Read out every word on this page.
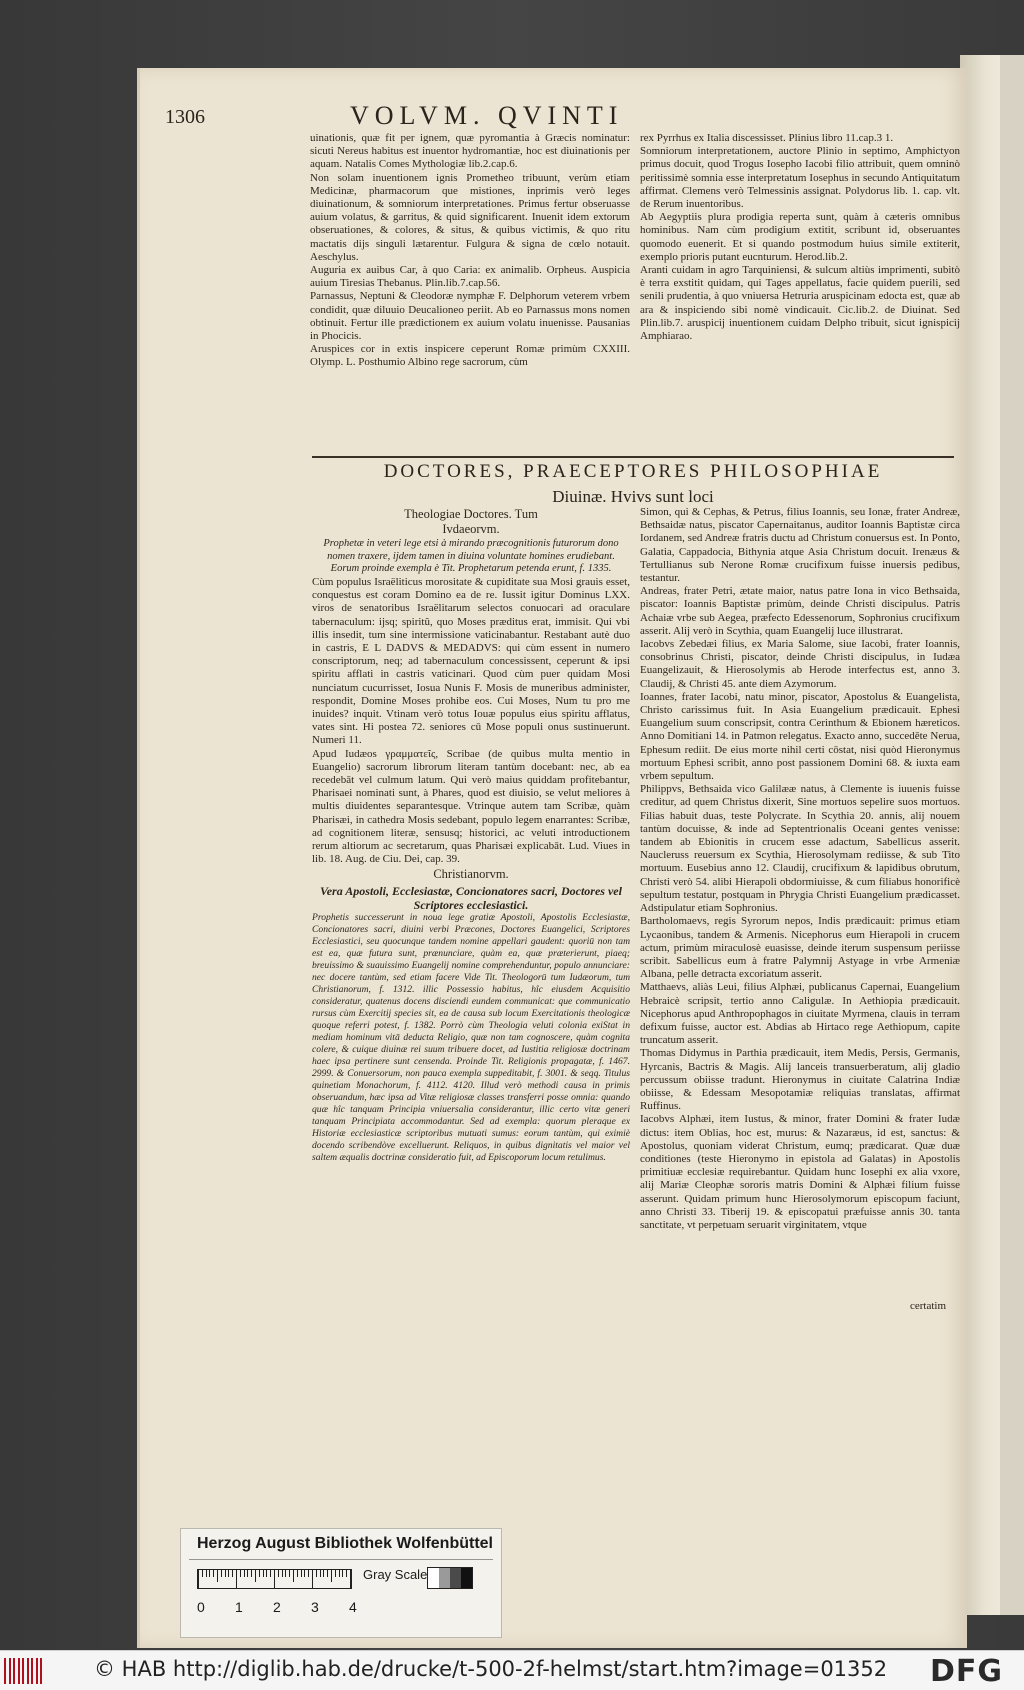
1306	VOLVM. QVINTI

uinationis, quæ fit per ignem, quæ pyromantia à Græcis nominatur: sicuti Nereus habitus est inuentor hydromantiæ, hoc est diuinationis per aquam. Natalis Comes Mythologiæ lib.2.cap.6.

Non solam inuentionem ignis Prometheo tribuunt, verùm etiam Medicinæ, pharmacorum que mistiones, inprimis verò leges diuinationum, & somniorum interpretationes. Primus fertur obseruasse auium volatus, & garritus, & quid significarent. Inuenit idem extorum obseruationes, & colores, & situs, & quibus victimis, & quo ritu mactatis dijs singuli lætarentur. Fulgura & signa de cœlo notauit. Aeschylus.

Auguria ex auibus Car, à quo Caria: ex animalib. Orpheus. Auspicia auium Tiresias Thebanus. Plin.lib.7.cap.56.

Parnassus, Neptuni & Cleodoræ nymphæ F. Delphorum veterem vrbem condidit, quæ diluuio Deucalioneo periit. Ab eo Parnassus mons nomen obtinuit. Fertur ille prædictionem ex auium volatu inuenisse. Pausanias in Phocicis.

Aruspices cor in extis inspicere ceperunt Romæ primùm CXXIII. Olymp. L. Posthumio Albino rege sacrorum, cùm

rex Pyrrhus ex Italia discessisset. Plinius libro 11.cap.3 1.

Somniorum interpretationem, auctore Plinio in septimo, Amphictyon primus docuit, quod Trogus Iosepho Iacobi filio attribuit, quem omninò peritissimè somnia esse interpretatum Iosephus in secundo Antiquitatum affirmat. Clemens verò Telmessinis assignat. Polydorus lib. 1. cap. vlt. de Rerum inuentoribus.

Ab Aegyptiis plura prodigia reperta sunt, quàm à cæteris omnibus hominibus. Nam cùm prodigium extitit, scribunt id, obseruantes quomodo euenerit. Et si quando postmodum huius simile extiterit, exemplo prioris putant eucnturum. Herod.lib.2.

Aranti cuidam in agro Tarquiniensi, & sulcum altiùs imprimenti, subitò è terra exstitit quidam, qui Tages appellatus, facie quidem puerili, sed senili prudentia, à quo vniuersa Hetruria aruspicinam edocta est, quæ ab ara & inspiciendo sibi nomè vindicauit. Cic.lib.2. de Diuinat. Sed Plin.lib.7. aruspicij inuentionem cuidam Delpho tribuit, sicut ignispicij Amphiarao.

DOCTORES, PRAECEPTORES PHILOSOPHIAE
Diuinæ. Hvivs sunt loci
Theologiae Doctores. Tum
Ivdaeorvm.

Prophetæ in veteri lege etsi à mirando præcognitionis futurorum dono nomen traxere, ijdem tamen in diuina voluntate homines erudiebant. Eorum proinde exempla è Tit. Prophetarum petenda erunt, f. 1335.

Cùm populus Israëliticus morositate & cupiditate sua Mosi grauis esset, conquestus est coram Domino ea de re. Iussit igitur Dominus LXX. viros de senatoribus Israëlitarum selectos conuocari ad oraculare tabernaculum: ijsq; spiritû, quo Moses præditus erat, immisit. Qui vbi illis insedit, tum sine intermissione vaticinabantur. Restabant autè duo in castris, E L DADVS & MEDADVS: qui cùm essent in numero conscriptorum, neq; ad tabernaculum concessissent, ceperunt & ipsi spiritu afflati in castris vaticinari. Quod cùm puer quidam Mosi nunciatum cucurrisset, Iosua Nunis F. Mosis de muneribus administer, respondit, Domine Moses prohibe eos. Cui Moses, Num tu pro me inuides? inquit. Vtinam verò totus Iouæ populus eius spiritu afflatus, vates sint. Hi postea 72. seniores cū Mose populi onus sustinuerunt. Numeri 11.

Apud Iudæos γραμματεῖς, Scribae (de quibus multa mentio in Euangelio) sacrorum librorum literam tantùm docebant: nec, ab ea recedebāt vel culmum latum. Qui verò maius quiddam profitebantur, Pharisaei nominati sunt, à Phares, quod est diuisio, se velut meliores à multis diuidentes separantesque. Vtrinque autem tam Scribæ, quàm Pharisæi, in cathedra Mosis sedebant, populo legem enarrantes: Scribæ, ad cognitionem literæ, sensusq; historici, ac veluti introductionem rerum altiorum ac secretarum, quas Pharisæi explicabāt. Lud. Viues in lib. 18. Aug. de Ciu. Dei, cap. 39.

Christianorvm.

Vera Apostoli, Ecclesiastæ, Concionatores sacri, Doctores vel Scriptores ecclesiastici.

Prophetis successerunt in noua lege gratiæ Apostoli, Apostolis Ecclesiastæ, Concionatores sacri, diuini verbi Præcones, Doctores Euangelici, Scriptores Ecclesiastici, seu quocunque tandem nomine appellari gaudent: quoriū non tam est ea, quæ futura sunt, prænunciare, quàm ea, quæ præterierunt, piaeq; breuissimo & suauissimo Euangelij nomine comprehenduntur, populo annunciare: nec docere tantùm, sed etiam facere Vide Tit. Theologorū tum Iudæorum, tum Christianorum, f. 1312. illic Possessio habitus, hîc eiusdem Acquisitio consideratur, quatenus docens disciendi eundem communicat: que communicatio rursus cùm Exercitij species sit, ea de causa sub locum Exercitationis theologicæ quoque referri potest, f. 1382. Porrò cùm Theologia veluti colonia exiStat in mediam hominum vitā deducta Religio, quæ non tam cognoscere, quàm cognita colere, & cuique diuinæ rei suum tribuere docet, ad Iustitia religiosæ doctrinam haec ipsa pertinere sunt censenda. Proinde Tit. Religionis propagatæ, f. 1467. 2999. & Conuersorum, non pauca exempla suppeditabit, f. 3001. & seqq. Titulus quinetiam Monachorum, f. 4112. 4120. Illud verò methodi causa in primis obseruandum, hæc ipsa ad Vitæ religiosæ classes transferri posse omnia: quando quæ hîc tanquam Principia vniuersalia considerantur, illic certo vitæ generi tanquam Principiata accommodantur. Sed ad exempla: quorum pleraque ex Historiæ ecclesiasticæ scriptoribus mutuati sumus: eorum tantùm, qui eximiè docendo scribendòve excelluerunt. Reliquos, in quibus dignitatis vel maior vel saltem æqualis doctrinæ consideratio fuit, ad Episcoporum locum retulimus.

Simon, qui & Cephas, & Petrus, filius Ioannis, seu Ionæ, frater Andreæ, Bethsaidæ natus, piscator Capernaitanus, auditor Ioannis Baptistæ circa Iordanem, sed Andreæ fratris ductu ad Christum conuersus est. In Ponto, Galatia, Cappadocia, Bithynia atque Asia Christum docuit. Irenæus & Tertullianus sub Nerone Romæ crucifixum fuisse inuersis pedibus, testantur.

Andreas, frater Petri, ætate maior, natus patre Iona in vico Bethsaida, piscator: Ioannis Baptistæ primùm, deinde Christi discipulus. Patris Achaiæ vrbe sub Aegea, præfecto Edessenorum, Sophronius crucifixum asserit. Alij verò in Scythia, quam Euangelij luce illustrarat.

Iacobvs Zebedæi filius, ex Maria Salome, siue Iacobi, frater Ioannis, consobrinus Christi, piscator, deinde Christi discipulus, in Iudæa Euangelizauit, & Hierosolymis ab Herode interfectus est, anno 3. Claudij, & Christi 45. ante diem Azymorum.

Ioannes, frater Iacobi, natu minor, piscator, Apostolus & Euangelista, Christo carissimus fuit. In Asia Euangelium prædicauit. Ephesi Euangelium suum conscripsit, contra Cerinthum & Ebionem hæreticos. Anno Domitiani 14. in Patmon relegatus. Exacto anno, succedēte Nerua, Ephesum rediit. De eius morte nihil certi cōstat, nisi quòd Hieronymus mortuum Ephesi scribit, anno post passionem Domini 68. & iuxta eam vrbem sepultum.

Philippvs, Bethsaida vico Galilææ natus, à Clemente is iuuenis fuisse creditur, ad quem Christus dixerit, Sine mortuos sepelire suos mortuos. Filias habuit duas, teste Polycrate. In Scythia 20. annis, alij nouem tantùm docuisse, & inde ad Septentrionalis Oceani gentes venisse: tandem ab Ebionitis in crucem esse adactum, Sabellicus asserit. Naucleruss reuersum ex Scythia, Hierosolymam rediisse, & sub Tito mortuum. Eusebius anno 12. Claudij, crucifixum & lapidibus obrutum, Christi verò 54. alibi Hierapoli obdormiuisse, & cum filiabus honorificè sepultum testatur, postquam in Phrygia Christi Euangelium prædicasset. Adstipulatur etiam Sophronius.

Bartholomaevs, regis Syrorum nepos, Indis prædicauit: primus etiam Lycaonibus, tandem & Armenis. Nicephorus eum Hierapoli in crucem actum, primùm miraculosè euasisse, deinde iterum suspensum periisse scribit. Sabellicus eum à fratre Palymnij Astyage in vrbe Armeniæ Albana, pelle detracta excoriatum asserit.

Matthaevs, aliàs Leui, filius Alphæi, publicanus Capernai, Euangelium Hebraicè scripsit, tertio anno Caligulæ. In Aethiopia prædicauit. Nicephorus apud Anthropophagos in ciuitate Myrmena, clauis in terram defixum fuisse, auctor est. Abdias ab Hirtaco rege Aethiopum, capite truncatum asserit.

Thomas Didymus in Parthia prædicauit, item Medis, Persis, Germanis, Hyrcanis, Bactris & Magis. Alij lanceis transuerberatum, alij gladio percussum obiisse tradunt. Hieronymus in ciuitate Calatrina Indiæ obiisse, & Edessam Mesopotamiæ reliquias translatas, affirmat Ruffinus.

Iacobvs Alphæi, item Iustus, & minor, frater Domini & frater Iudæ dictus: item Oblias, hoc est, murus: & Nazaræus, id est, sanctus: & Apostolus, quoniam viderat Christum, eumq; prædicarat. Quæ duæ conditiones (teste Hieronymo in epistola ad Galatas) in Apostolis primitiuæ ecclesiæ requirebantur. Quidam hunc Iosephi ex alia vxore, alij Mariæ Cleophæ sororis matris Domini & Alphæi filium fuisse asserunt. Quidam primum hunc Hierosolymorum episcopum faciunt, anno Christi 33. Tiberij 19. & episcopatui præfuisse annis 30. tanta sanctitate, vt perpetuam seruarit virginitatem, vtque

certatim
Herzog August Bibliothek Wolfenbüttel
Gray Scale
0 1 2 3 4
© HAB http://diglib.hab.de/drucke/t-500-2f-helmst/start.htm?image=01352 DFG
